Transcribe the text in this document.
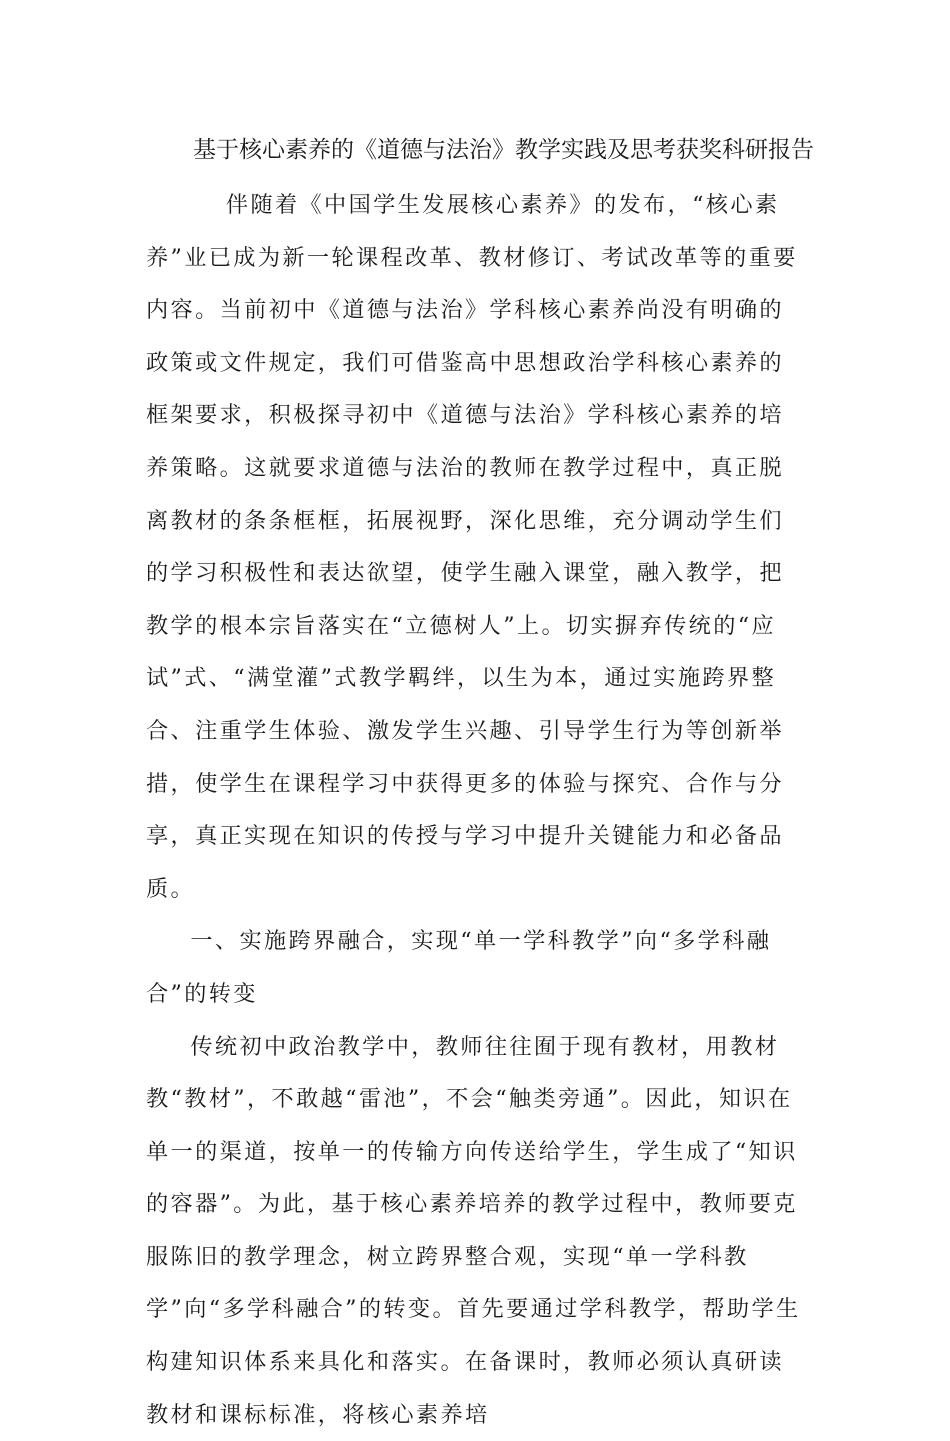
基于核心素养的《道德与法治》教学实践及思考获奖科研报告

伴随着《中国学生发展核心素养》的发布，“核心素养”业已成为新一轮课程改革、教材修订、考试改革等的重要内容。当前初中《道德与法治》学科核心素养尚没有明确的政策或文件规定，我们可借鉴高中思想政治学科核心素养的框架要求，积极探寻初中《道德与法治》学科核心素养的培养策略。这就要求道德与法治的教师在教学过程中，真正脱离教材的条条框框，拓展视野，深化思维，充分调动学生们的学习积极性和表达欲望，使学生融入课堂，融入教学，把教学的根本宗旨落实在“立德树人”上。切实摒弃传统的“应试”式、“满堂灌”式教学羁绊，以生为本，通过实施跨界整合、注重学生体验、激发学生兴趣、引导学生行为等创新举措，使学生在课程学习中获得更多的体验与探究、合作与分享，真正实现在知识的传授与学习中提升关键能力和必备品质。

一、实施跨界融合，实现“单一学科教学”向“多学科融合”的转变

传统初中政治教学中，教师往往囿于现有教材，用教材教“教材”，不敢越“雷池”，不会“触类旁通”。因此，知识在单一的渠道，按单一的传输方向传送给学生，学生成了“知识的容器”。为此，基于核心素养培养的教学过程中，教师要克服陈旧的教学理念，树立跨界整合观，实现“单一学科教学”向“多学科融合”的转变。首先要通过学科教学，帮助学生构建知识体系来具化和落实。在备课时，教师必须认真研读教材和课标标准，将核心素养培
